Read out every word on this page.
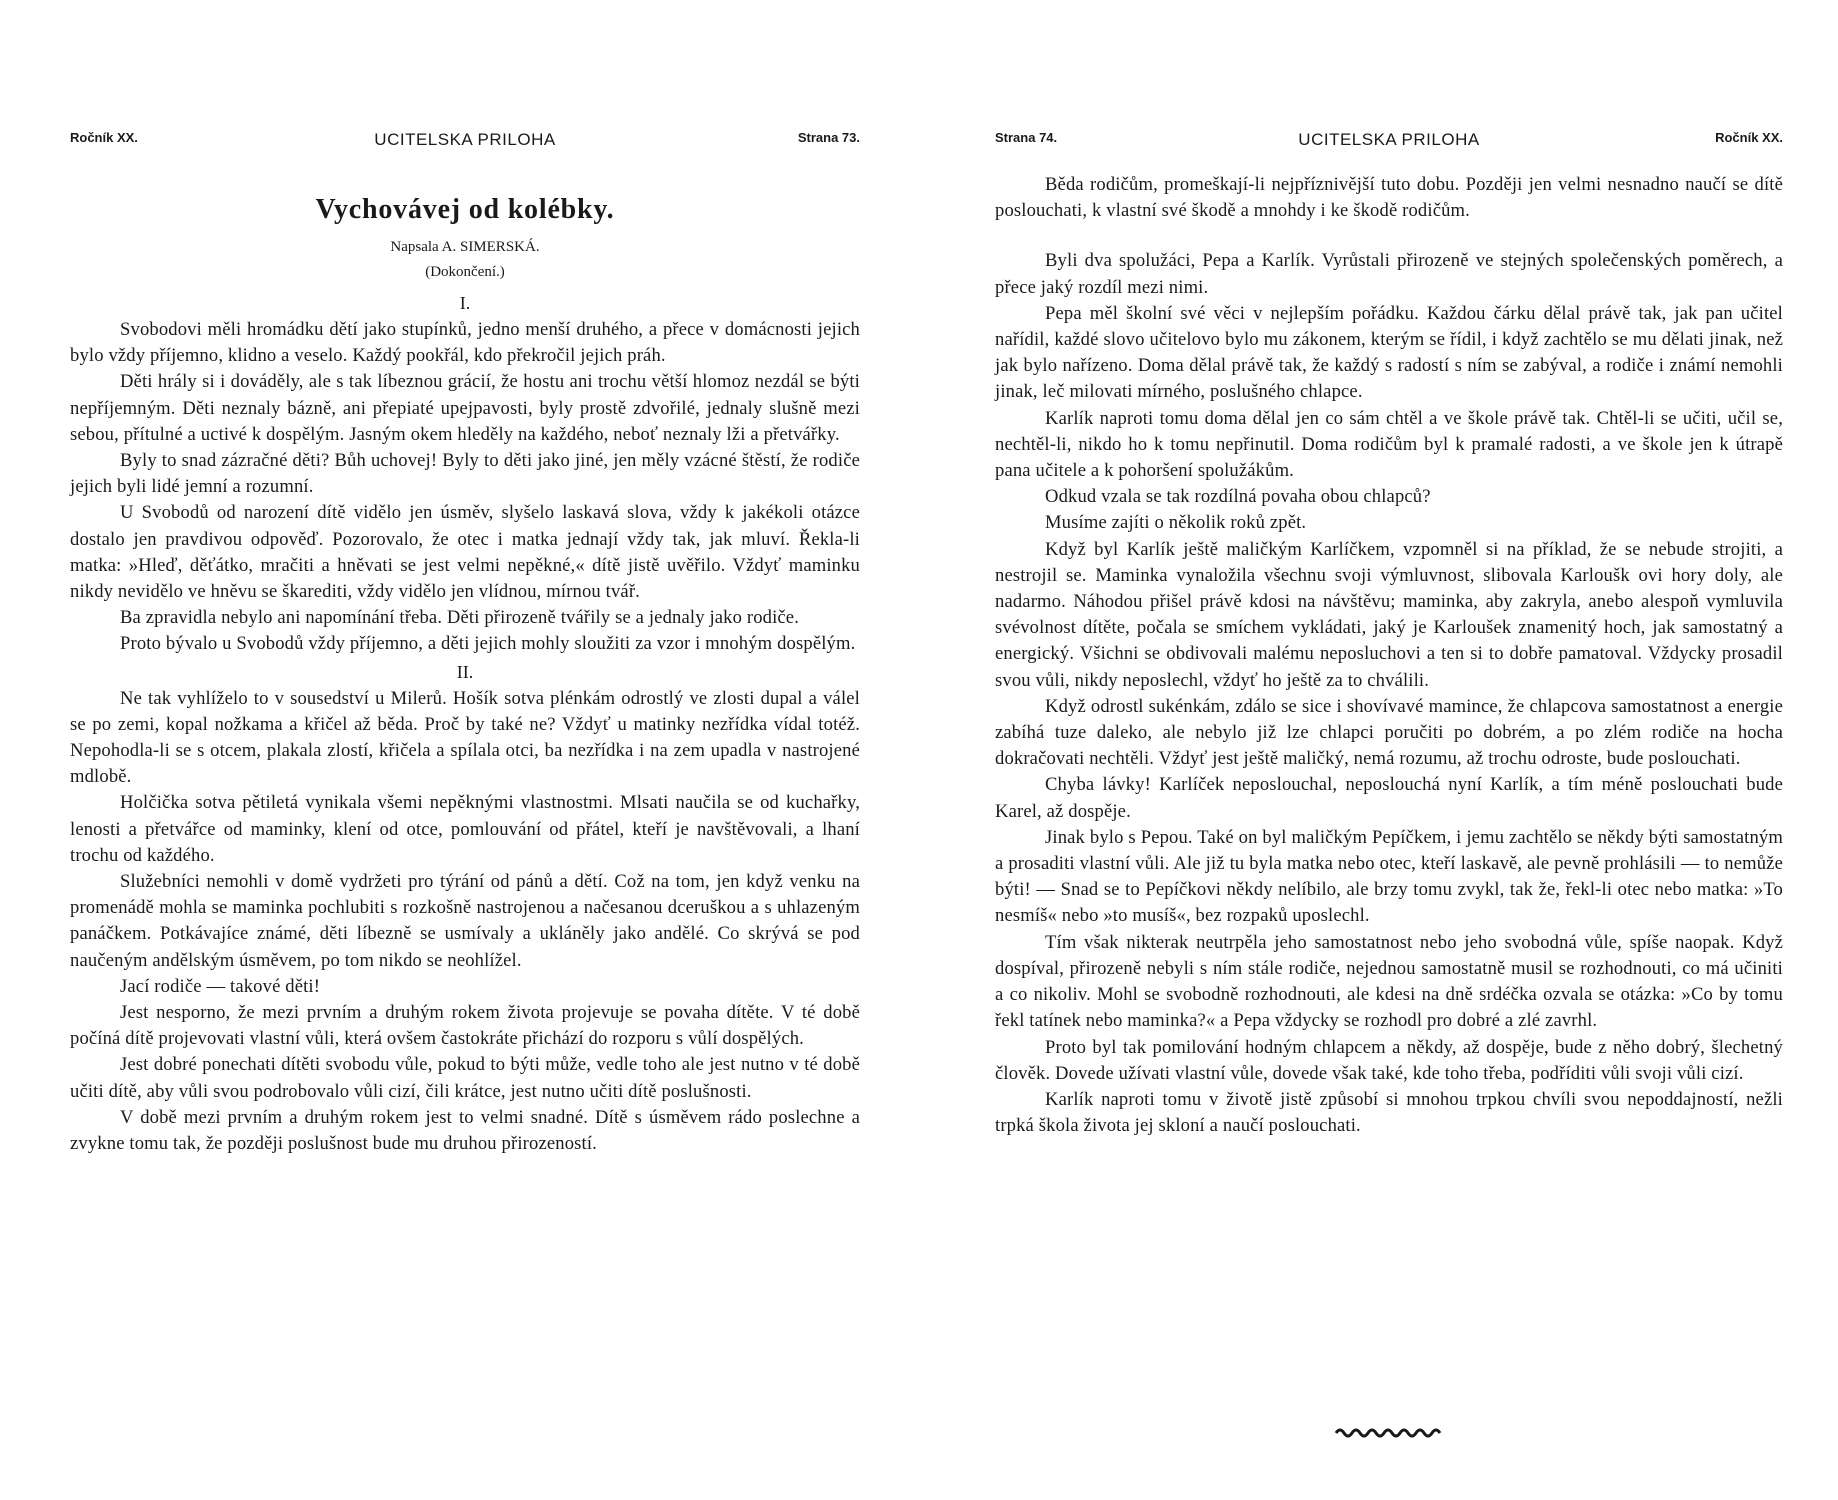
Ročník XX.	UCITELSKA PRILOHA	Strana 73.
Vychovávej od kolébky.
Napsala A. SIMERSKÁ.
(Dokončení.)
I.

Svobodovi měli hromádku dětí jako stupínků, jedno menší druhého, a přece v domácnosti jejich bylo vždy příjemno, klidno a veselo. Každý pookřál, kdo překročil jejich práh.

Děti hrály si i dováděly, ale s tak líbeznou grácií, že hostu ani trochu větší hlomoz nezdál se býti nepříjemným. Děti neznaly bázně, ani přepiaté upejpavosti, byly prostě zdvořilé, jednaly slušně mezi sebou, přítulné a uctivé k dospělým. Jasným okem hleděly na každého, neboť neznaly lži a přetvářky.

Byly to snad zázračné děti? Bůh uchovej! Byly to děti jako jiné, jen měly vzácné štěstí, že rodiče jejich byli lidé jemní a rozumní.

U Svobodů od narození dítě vidělo jen úsměv, slyšelo laskavá slova, vždy k jakékoli otázce dostalo jen pravdivou odpověď. Pozorovalo, že otec i matka jednají vždy tak, jak mluví. Řekla-li matka: »Hleď, děťátko, mračiti a hněvati se jest velmi nepěkné,« dítě jistě uvěřilo. Vždyť maminku nikdy nevidělo ve hněvu se škarediti, vždy vidělo jen vlídnou, mírnou tvář.

Ba zpravidla nebylo ani napomínání třeba. Děti přirozeně tvářily se a jednaly jako rodiče.

Proto bývalo u Svobodů vždy příjemno, a děti jejich mohly sloužiti za vzor i mnohým dospělým.

II.

Ne tak vyhlíželo to v sousedství u Milerů. Hošík sotva plénkám odrostlý ve zlosti dupal a válel se po zemi, kopal nožkama a křičel až běda. Proč by také ne? Vždyť u matinky nezřídka vídal totéž. Nepohodla-li se s otcem, plakala zlostí, křičela a spílala otci, ba nezřídka i na zem upadla v nastrojené mdlobě.

Holčička sotva pětiletá vynikala všemi nepěknými vlastnostmi. Mlsati naučila se od kuchařky, lenosti a přetvářce od maminky, klení od otce, pomlouvání od přátel, kteří je navštěvovali, a lhaní trochu od každého.

Služebníci nemohli v domě vydržeti pro týrání od pánů a dětí. Což na tom, jen když venku na promenádě mohla se maminka pochlubiti s rozkošně nastrojenou a načesanou dceruškou a s uhlazeným panáčkem. Potkávajíce známé, děti líbezně se usmívaly a ukláněly jako andělé. Co skrývá se pod naučeným andělským úsměvem, po tom nikdo se neohlížel.

Jací rodiče — takové děti!

Jest nesporno, že mezi prvním a druhým rokem života projevuje se povaha dítěte. V té době počíná dítě projevovati vlastní vůli, která ovšem častokráte přichází do rozporu s vůlí dospělých.

Jest dobré ponechati dítěti svobodu vůle, pokud to býti může, vedle toho ale jest nutno v té době učiti dítě, aby vůli svou podrobovalo vůli cizí, čili krátce, jest nutno učiti dítě poslušnosti.

V době mezi prvním a druhým rokem jest to velmi snadné. Dítě s úsměvem rádo poslechne a zvykne tomu tak, že později poslušnost bude mu druhou přirozeností.

Strana 74.	UCITELSKA PRILOHA	Ročník XX.

Běda rodičům, promeškají-li nejpříznivější tuto dobu. Později jen velmi nesnadno naučí se dítě poslouchati, k vlastní své škodě a mnohdy i ke škodě rodičům.

Byli dva spolužáci, Pepa a Karlík. Vyrůstali přirozeně ve stejných společenských poměrech, a přece jaký rozdíl mezi nimi.

Pepa měl školní své věci v nejlepším pořádku. Každou čárku dělal právě tak, jak pan učitel nařídil, každé slovo učitelovo bylo mu zákonem, kterým se řídil, i když zachtělo se mu dělati jinak, než jak bylo nařízeno. Doma dělal právě tak, že každý s radostí s ním se zabýval, a rodiče i známí nemohli jinak, leč milovati mírného, poslušného chlapce.

Karlík naproti tomu doma dělal jen co sám chtěl a ve škole právě tak. Chtěl-li se učiti, učil se, nechtěl-li, nikdo ho k tomu nepřinutil. Doma rodičům byl k pramalé radosti, a ve škole jen k útrapě pana učitele a k pohoršení spolužákům.

Odkud vzala se tak rozdílná povaha obou chlapců?

Musíme zajíti o několik roků zpět.

Když byl Karlík ještě maličkým Karlíčkem, vzpomněl si na příklad, že se nebude strojiti, a nestrojil se. Maminka vynaložila všechnu svoji výmluvnost, slibovala Karloušk ovi hory doly, ale nadarmo. Náhodou přišel právě kdosi na návštěvu; maminka, aby zakryla, anebo alespoň vymluvila svévolnost dítěte, počala se smíchem vykládati, jaký je Karloušek znamenitý hoch, jak samostatný a energický. Všichni se obdivovali malému neposluchovi a ten si to dobře pamatoval. Vždycky prosadil svou vůli, nikdy neposlechl, vždyť ho ještě za to chválili.

Když odrostl sukénkám, zdálo se sice i shovívavé mamince, že chlapcova samostatnost a energie zabíhá tuze daleko, ale nebylo již lze chlapci poručiti po dobrém, a po zlém rodiče na hocha dokračovati nechtěli. Vždyť jest ještě maličký, nemá rozumu, až trochu odroste, bude poslouchati.

Chyba lávky! Karlíček neposlouchal, neposlouchá nyní Karlík, a tím méně poslouchati bude Karel, až dospěje.

Jinak bylo s Pepou. Také on byl maličkým Pepíčkem, i jemu zachtělo se někdy býti samostatným a prosaditi vlastní vůli. Ale již tu byla matka nebo otec, kteří laskavě, ale pevně prohlásili — to nemůže býti! — Snad se to Pepíčkovi někdy nelíbilo, ale brzy tomu zvykl, tak že, řekl-li otec nebo matka: »To nesmíš« nebo »to musíš«, bez rozpaků uposlechl.

Tím však nikterak neutrpěla jeho samostatnost nebo jeho svobodná vůle, spíše naopak. Když dospíval, přirozeně nebyli s ním stále rodiče, nejednou samostatně musil se rozhodnouti, co má učiniti a co nikoliv. Mohl se svobodně rozhodnouti, ale kdesi na dně srdéčka ozvala se otázka: »Co by tomu řekl tatínek nebo maminka?« a Pepa vždycky se rozhodl pro dobré a zlé zavrhl.

Proto byl tak pomilování hodným chlapcem a někdy, až dospěje, bude z něho dobrý, šlechetný člověk. Dovede užívati vlastní vůle, dovede však také, kde toho třeba, podříditi vůli svoji vůli cizí.

Karlík naproti tomu v životě jistě způsobí si mnohou trpkou chvíli svou nepoddajností, nežli trpká škola života jej skloní a naučí poslouchati.
